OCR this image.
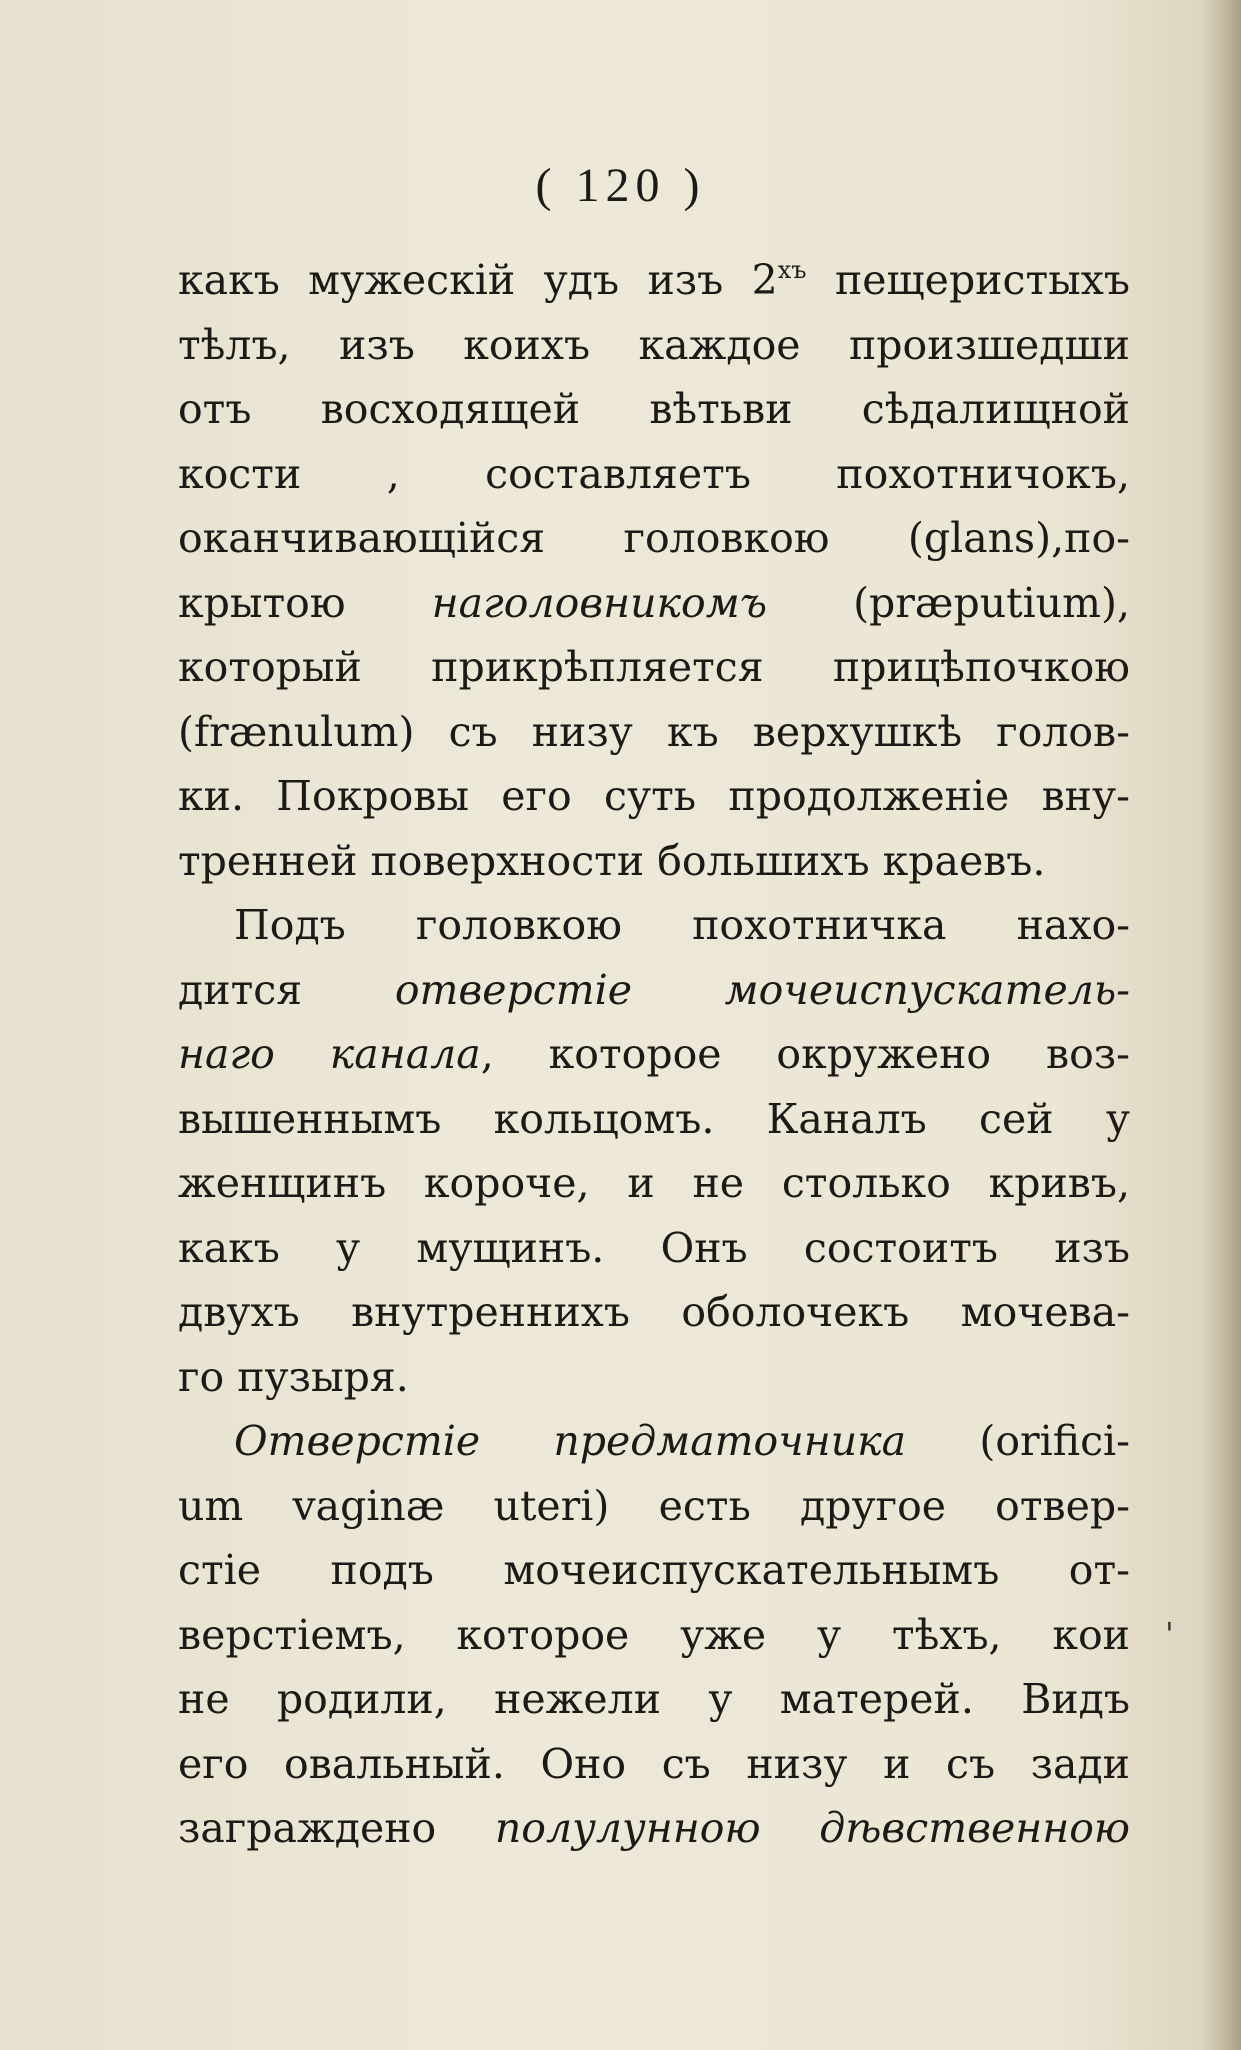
( 120 )
какъ мужескій удъ изъ $2^{хъ}$ пещеристыхъ
тѣлъ, изъ коихъ каждое произшедши
отъ восходящей вѣтьви сѣдалищной
кости , составляетъ похотничокъ,
оканчивающійся головкою (glans),по-
крытою наголовникомъ (præputium),
который прикрѣпляется прицѣпочкою
(frænulum) съ низу къ верхушкѣ голов-
ки. Покровы его суть продолженіе вну-
тренней поверхности большихъ краевъ.
Подъ головкою похотничка нахо-
дится отверстіе мочеиспускатель-
наго канала, которое окружено воз-
вышеннымъ кольцомъ. Каналъ сей у
женщинъ короче, и не столько кривъ,
какъ у мущинъ. Онъ состоитъ изъ
двухъ внутреннихъ оболочекъ мочева-
го пузыря.
Отверстіе предматочника (orifici-
um vaginæ uteri) есть другое отвер-
стіе подъ мочеиспускательнымъ от-
верстіемъ, которое уже у тѣхъ, кои
не родили, нежели у матерей. Видъ
его овальный. Оно съ низу и съ зади
заграждено полулунною дѣвственною
'
